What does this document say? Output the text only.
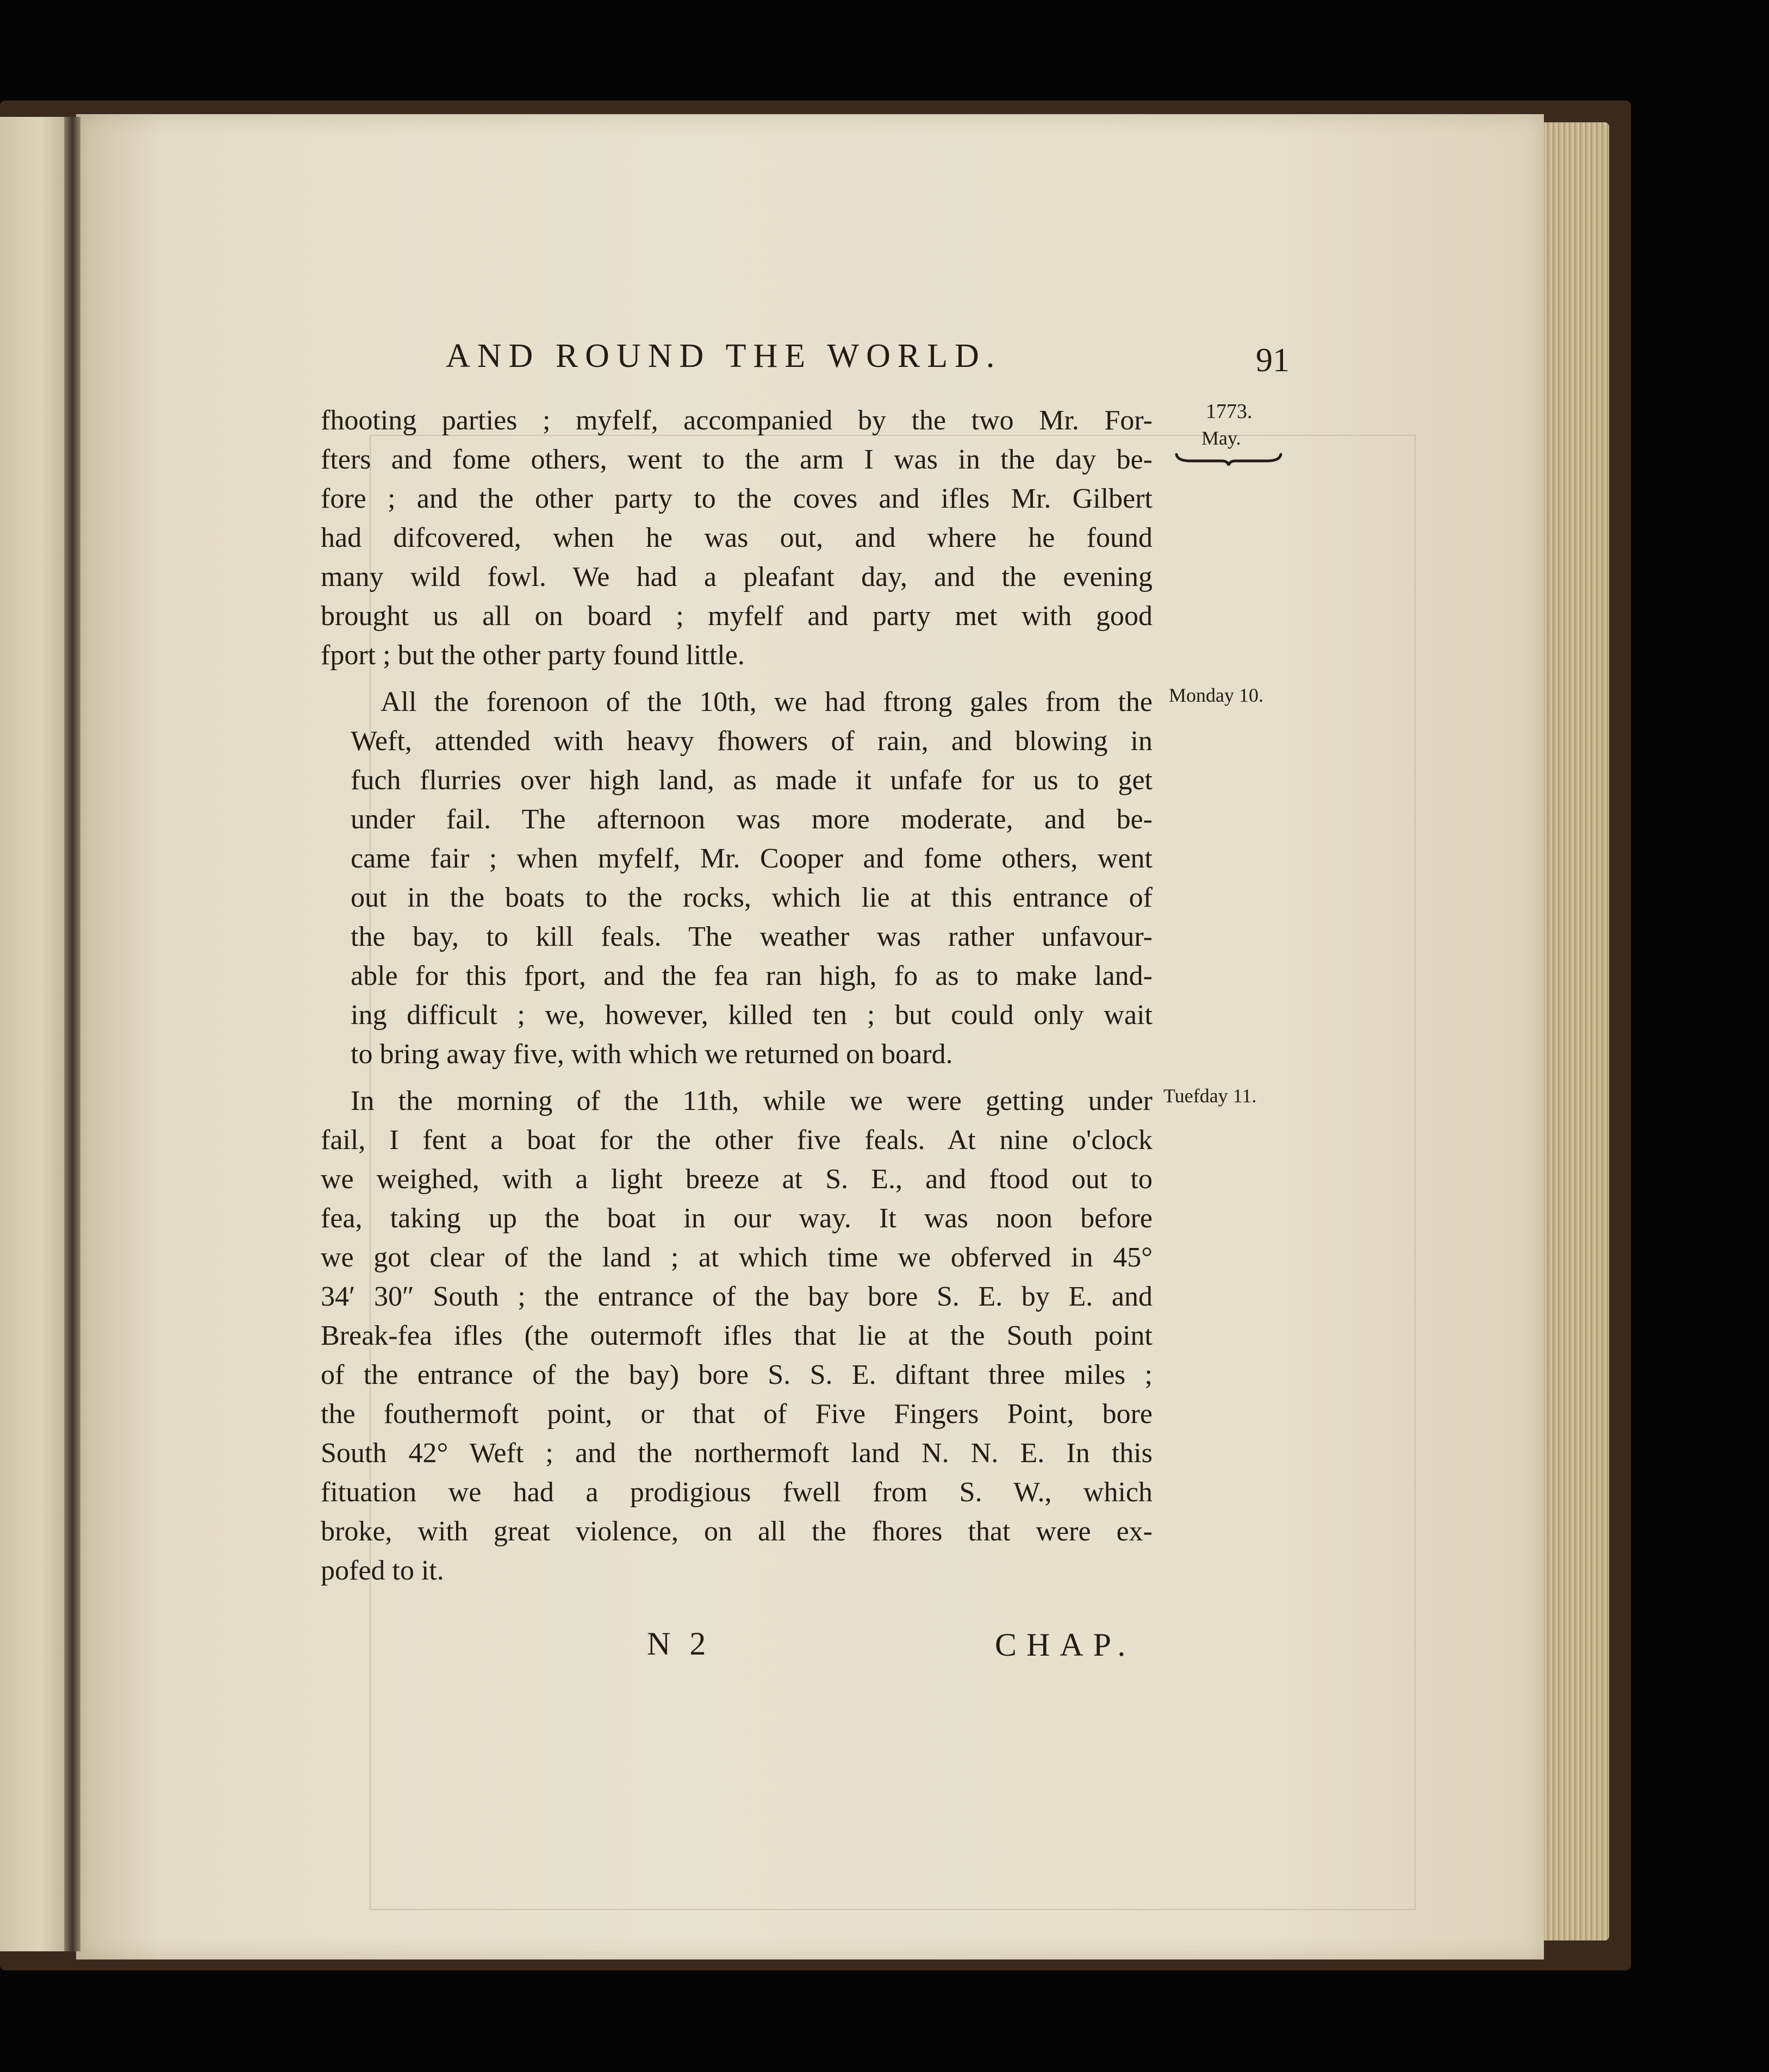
AND ROUND THE WORLD.	91
1773.
May.
Monday 10.
Tuefday 11.
fhooting parties ; myfelf, accompanied by the two Mr. For-
fters and fome others, went to the arm I was in the day be-
fore ; and the other party to the coves and ifles Mr. Gilbert
had difcovered, when he was out, and where he found
many wild fowl. We had a pleafant day, and the evening
brought us all on board ; myfelf and party met with good
fport ; but the other party found little.
All the forenoon of the 10th, we had ftrong gales from the
Weft, attended with heavy fhowers of rain, and blowing in
fuch flurries over high land, as made it unfafe for us to get
under fail. The afternoon was more moderate, and be-
came fair ; when myfelf, Mr. Cooper and fome others, went
out in the boats to the rocks, which lie at this entrance of
the bay, to kill feals. The weather was rather unfavour-
able for this fport, and the fea ran high, fo as to make land-
ing difficult ; we, however, killed ten ; but could only wait
to bring away five, with which we returned on board.
In the morning of the 11th, while we were getting under
fail, I fent a boat for the other five feals. At nine o'clock
we weighed, with a light breeze at S. E., and ftood out to
fea, taking up the boat in our way. It was noon before
we got clear of the land ; at which time we obferved in 45°
34′ 30″ South ; the entrance of the bay bore S. E. by E. and
Break-fea ifles (the outermoft ifles that lie at the South point
of the entrance of the bay) bore S. S. E. diftant three miles ;
the fouthermoft point, or that of Five Fingers Point, bore
South 42° Weft ; and the northermoft land N. N. E. In this
fituation we had a prodigious fwell from S. W., which
broke, with great violence, on all the fhores that were ex-
pofed to it.
N 2	CHAP.
